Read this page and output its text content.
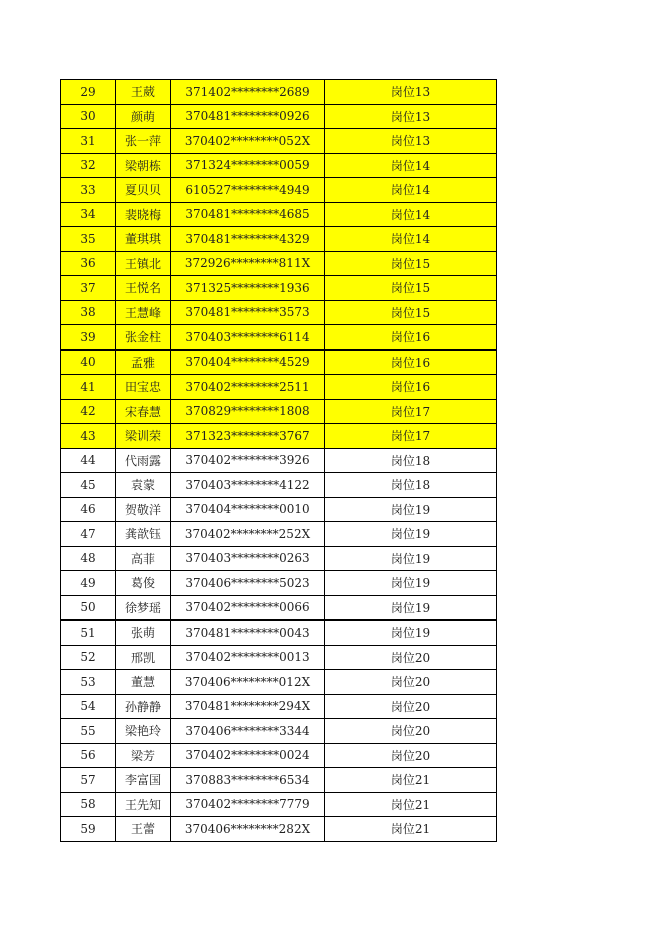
29	王葳	371402********2689	岗位13
30	颜萌	370481********0926	岗位13
31	张一萍	370402********052X	岗位13
32	梁朝栋	371324********0059	岗位14
33	夏贝贝	610527********4949	岗位14
34	裴晓梅	370481********4685	岗位14
35	董琪琪	370481********4329	岗位14
36	王镇北	372926********811X	岗位15
37	王悦名	371325********1936	岗位15
38	王慧峰	370481********3573	岗位15
39	张金柱	370403********6114	岗位16
40	孟雅	370404********4529	岗位16
41	田宝忠	370402********2511	岗位16
42	宋春慧	370829********1808	岗位17
43	梁训荣	371323********3767	岗位17
44	代雨露	370402********3926	岗位18
45	袁蒙	370403********4122	岗位18
46	贺敬洋	370404********0010	岗位19
47	龚歆钰	370402********252X	岗位19
48	高菲	370403********0263	岗位19
49	葛俊	370406********5023	岗位19
50	徐梦瑶	370402********0066	岗位19
51	张萌	370481********0043	岗位19
52	邢凯	370402********0013	岗位20
53	董慧	370406********012X	岗位20
54	孙静静	370481********294X	岗位20
55	梁艳玲	370406********3344	岗位20
56	梁芳	370402********0024	岗位20
57	李富国	370883********6534	岗位21
58	王先知	370402********7779	岗位21
59	王蕾	370406********282X	岗位21
